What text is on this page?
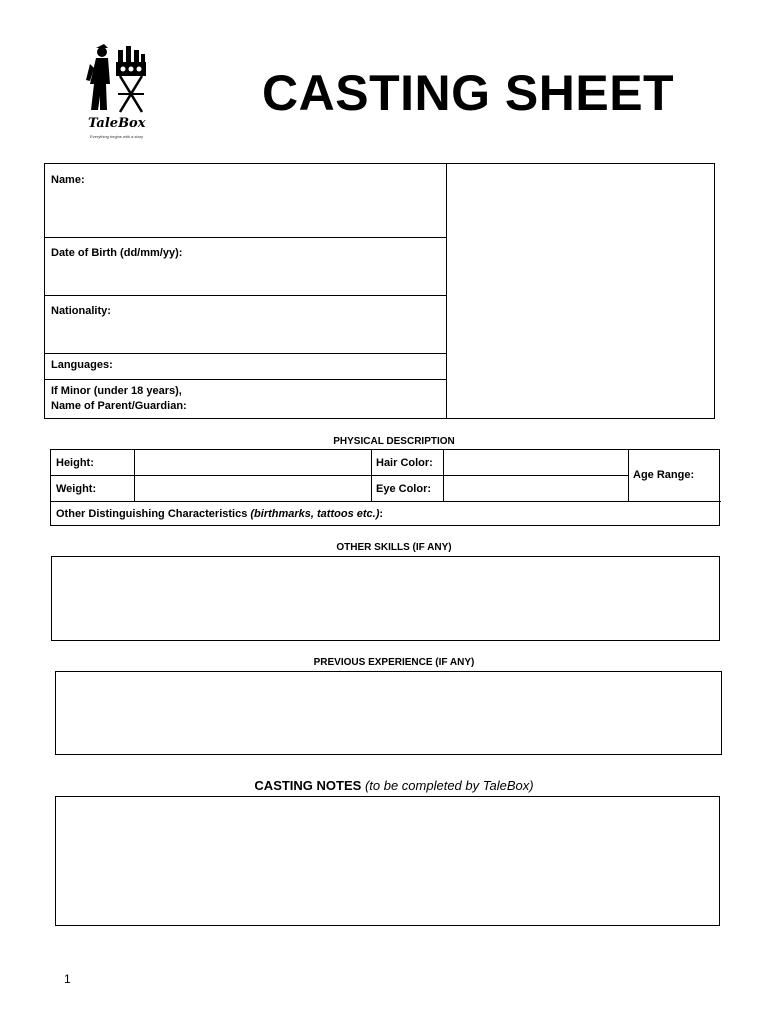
TaleBox
Everything begins with a story
CASTING SHEET
Name:
Date of Birth (dd/mm/yy):
Nationality:
Languages:
If Minor (under 18 years),
Name of Parent/Guardian:
PHYSICAL DESCRIPTION
Height:	Hair Color:
Weight:	Eye Color:
Age Range:
Other Distinguishing Characteristics (birthmarks, tattoos etc.):
OTHER SKILLS (IF ANY)
PREVIOUS EXPERIENCE (IF ANY)
CASTING NOTES (to be completed by TaleBox)
1
